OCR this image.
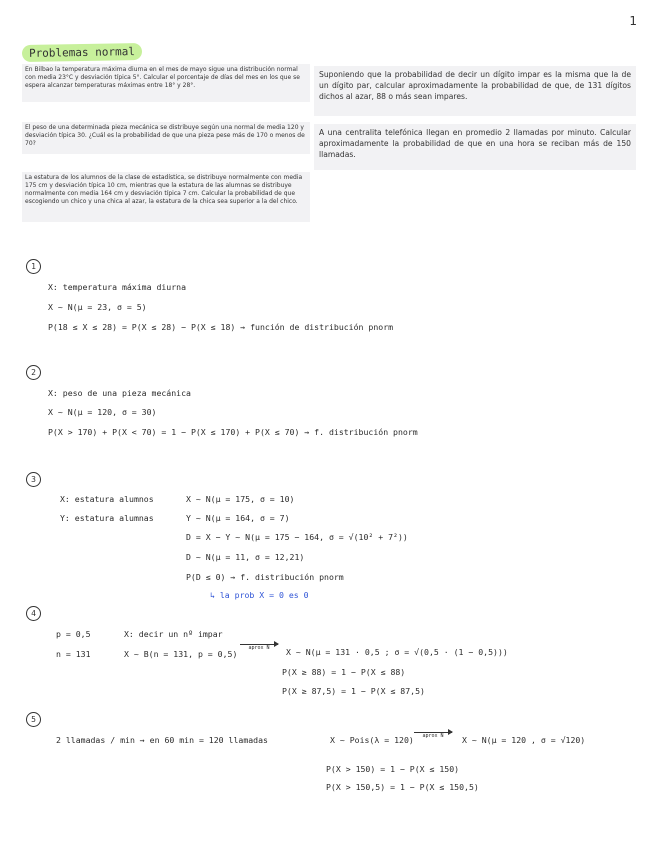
1
Problemas normal
En Bilbao la temperatura máxima diurna en el mes de mayo sigue una distribución normal con media 23°C y desviación típica 5°. Calcular el porcentaje de días del mes en los que se espera alcanzar temperaturas máximas entre 18° y 28°.
El peso de una determinada pieza mecánica se distribuye según una normal de media 120 y desviación típica 30. ¿Cuál es la probabilidad de que una pieza pese más de 170 o menos de 70?
La estatura de los alumnos de la clase de estadística, se distribuye normalmente con media 175 cm y desviación típica 10 cm, mientras que la estatura de las alumnas se distribuye normalmente con media 164 cm y desviación típica 7 cm. Calcular la probabilidad de que escogiendo un chico y una chica al azar, la estatura de la chica sea superior a la del chico.
Suponiendo que la probabilidad de decir un dígito impar es la misma que la de un dígito par, calcular aproximadamente la probabilidad de que, de 131 dígitos dichos al azar, 88 o más sean impares.
A una centralita telefónica llegan en promedio 2 llamadas por minuto. Calcular aproximadamente la probabilidad de que en una hora se reciban más de 150 llamadas.
1
X: temperatura máxima diurna
X ~ N(μ = 23, σ = 5)
P(18 ≤ X ≤ 28) = P(X ≤ 28) − P(X ≤ 18) → función de distribución pnorm
2
X: peso de una pieza mecánica
X ~ N(μ = 120, σ = 30)
P(X > 170) + P(X < 70) = 1 − P(X ≤ 170) + P(X ≤ 70) → f. distribución pnorm
3
X: estatura alumnos
Y: estatura alumnas
X ~ N(μ = 175, σ = 10)
Y ~ N(μ = 164, σ = 7)
D = X − Y ~ N(μ = 175 − 164, σ = √(10² + 7²))
D ~ N(μ = 11, σ = 12,21)
P(D ≤ 0) → f. distribución pnorm
↳ la prob X = 0 es 0
4
p = 0,5
n = 131
X: decir un nº impar
X ~ B(n = 131, p = 0,5)
aprox N	X ~ N(μ = 131 · 0,5 ; σ = √(0,5 · (1 − 0,5)))
P(X ≥ 88) = 1 − P(X ≤ 88)
P(X ≥ 87,5) = 1 − P(X ≤ 87,5)
5
2 llamadas / min → en 60 min = 120 llamadas	X ~ Pois(λ = 120)	aprox N	X ~ N(μ = 120 , σ = √120)
P(X > 150) = 1 − P(X ≤ 150)
P(X > 150,5) = 1 − P(X ≤ 150,5)
